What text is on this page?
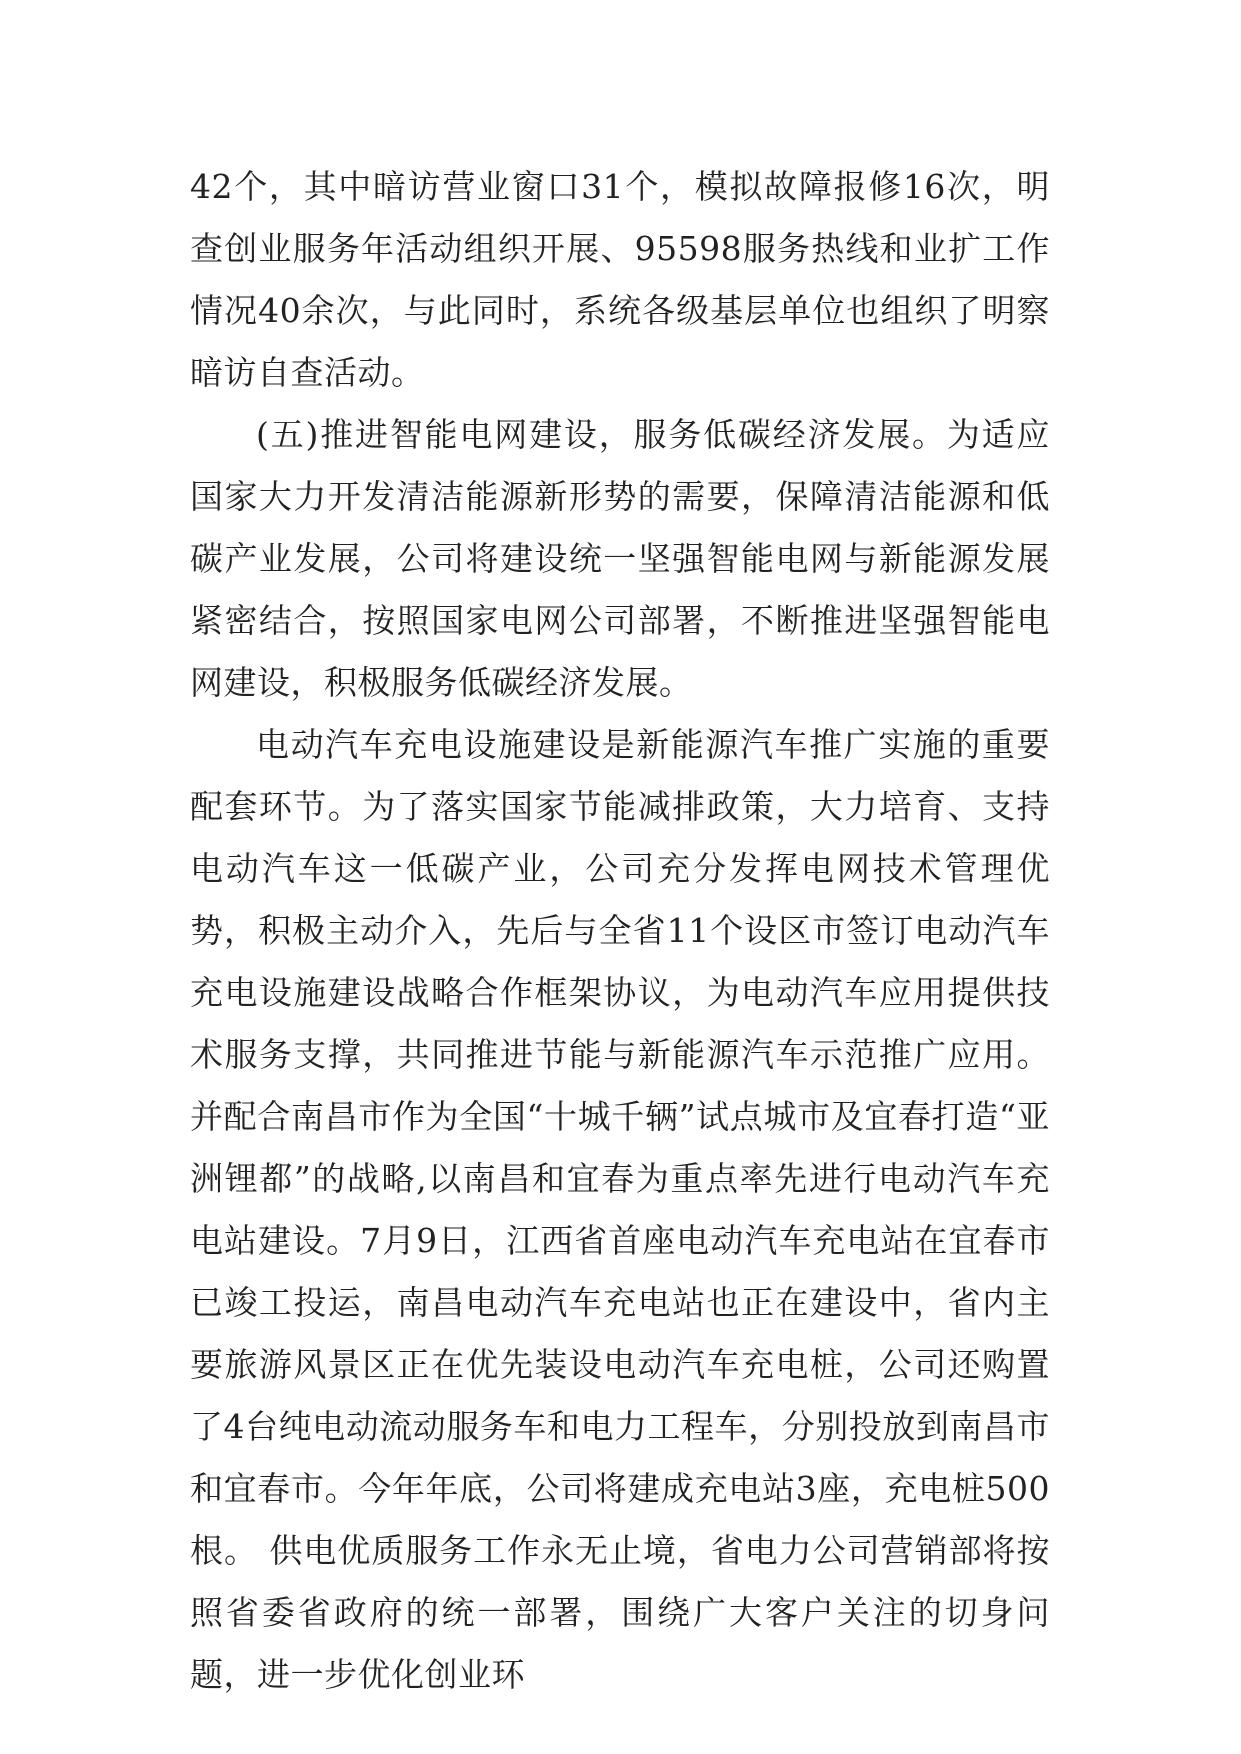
42个，其中暗访营业窗口31个，模拟故障报修16次，明查创业服务年活动组织开展、95598服务热线和业扩工作情况40余次，与此同时，系统各级基层单位也组织了明察暗访自查活动。

(五)推进智能电网建设，服务低碳经济发展。为适应国家大力开发清洁能源新形势的需要，保障清洁能源和低碳产业发展，公司将建设统一坚强智能电网与新能源发展紧密结合，按照国家电网公司部署，不断推进坚强智能电网建设，积极服务低碳经济发展。

电动汽车充电设施建设是新能源汽车推广实施的重要配套环节。为了落实国家节能减排政策，大力培育、支持电动汽车这一低碳产业，公司充分发挥电网技术管理优势，积极主动介入，先后与全省11个设区市签订电动汽车充电设施建设战略合作框架协议，为电动汽车应用提供技术服务支撑，共同推进节能与新能源汽车示范推广应用。并配合南昌市作为全国“十城千辆”试点城市及宜春打造“亚洲锂都”的战略,以南昌和宜春为重点率先进行电动汽车充电站建设。7月9日，江西省首座电动汽车充电站在宜春市已竣工投运，南昌电动汽车充电站也正在建设中，省内主要旅游风景区正在优先装设电动汽车充电桩，公司还购置了4台纯电动流动服务车和电力工程车，分别投放到南昌市和宜春市。今年年底，公司将建成充电站3座，充电桩500根。 供电优质服务工作永无止境，省电力公司营销部将按照省委省政府的统一部署，围绕广大客户关注的切身问题，进一步优化创业环
